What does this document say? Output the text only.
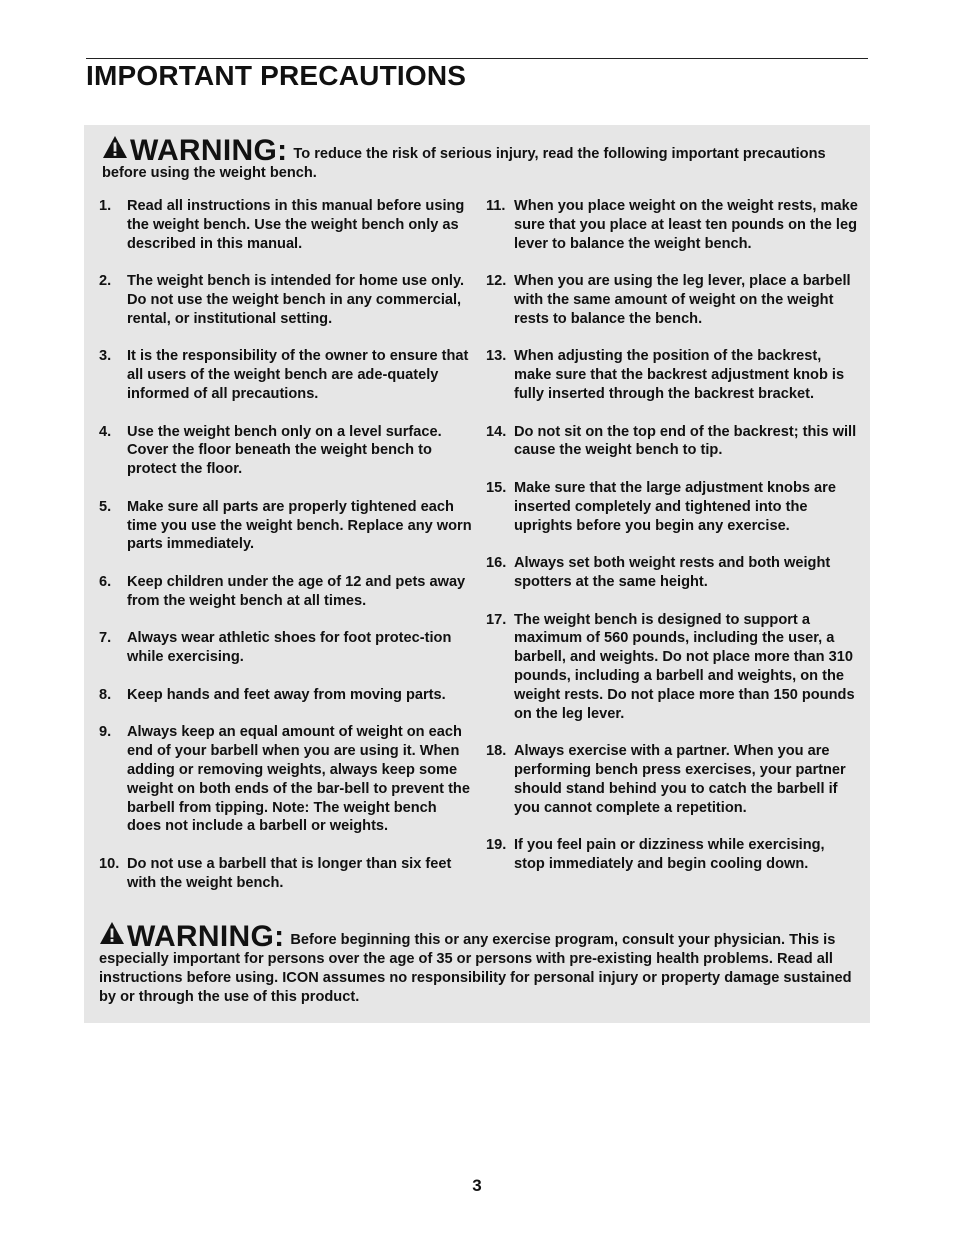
IMPORTANT PRECAUTIONS
WARNING: To reduce the risk of serious injury, read the following important precautions before using the weight bench.
1.	Read all instructions in this manual before using the weight bench. Use the weight bench only as described in this manual.
2.	The weight bench is intended for home use only. Do not use the weight bench in any commercial, rental, or institutional setting.
3.	It is the responsibility of the owner to ensure that all users of the weight bench are ade-quately informed of all precautions.
4.	Use the weight bench only on a level surface. Cover the floor beneath the weight bench to protect the floor.
5.	Make sure all parts are properly tightened each time you use the weight bench. Replace any worn parts immediately.
6.	Keep children under the age of 12 and pets away from the weight bench at all times.
7.	Always wear athletic shoes for foot protec-tion while exercising.
8.	Keep hands and feet away from moving parts.
9.	Always keep an equal amount of weight on each end of your barbell when you are using it. When adding or removing weights, always keep some weight on both ends of the bar-bell to prevent the barbell from tipping. Note: The weight bench does not include a barbell or weights.
10. Do not use a barbell that is longer than six feet with the weight bench.
11. When you place weight on the weight rests, make sure that you place at least ten pounds on the leg lever to balance the weight bench.
12. When you are using the leg lever, place a barbell with the same amount of weight on the weight rests to balance the bench.
13. When adjusting the position of the backrest, make sure that the backrest adjustment knob is fully inserted through the backrest bracket.
14. Do not sit on the top end of the backrest; this will cause the weight bench to tip.
15. Make sure that the large adjustment knobs are inserted completely and tightened into the uprights before you begin any exercise.
16. Always set both weight rests and both weight spotters at the same height.
17. The weight bench is designed to support a maximum of 560 pounds, including the user, a barbell, and weights. Do not place more than 310 pounds, including a barbell and weights, on the weight rests. Do not place more than 150 pounds on the leg lever.
18. Always exercise with a partner. When you are performing bench press exercises, your partner should stand behind you to catch the barbell if you cannot complete a repetition.
19. If you feel pain or dizziness while exercising, stop immediately and begin cooling down.
WARNING: Before beginning this or any exercise program, consult your physician. This is especially important for persons over the age of 35 or persons with pre-existing health problems. Read all instructions before using. ICON assumes no responsibility for personal injury or property damage sustained by or through the use of this product.
3
